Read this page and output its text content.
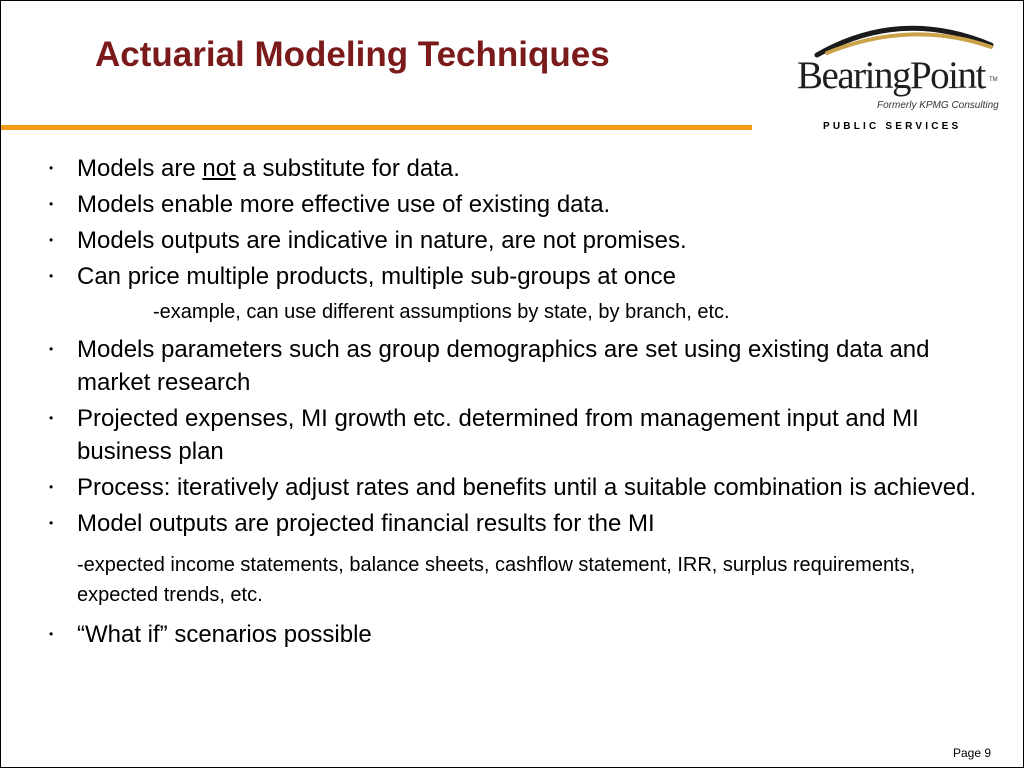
Actuarial Modeling Techniques	BearingPoint TM
Formerly KPMG Consulting
PUBLIC SERVICES
• Models are not a substitute for data.
• Models enable more effective use of existing data.
• Models outputs are indicative in nature, are not promises.
• Can price multiple products, multiple sub-groups at once
-example, can use different assumptions by state, by branch, etc.
• Models parameters such as group demographics are set using existing data and market research
• Projected expenses, MI growth etc. determined from management input and MI business plan
• Process: iteratively adjust rates and benefits until a suitable combination is achieved.
• Model outputs are projected financial results for the MI
-expected income statements, balance sheets, cashflow statement, IRR, surplus requirements, expected trends, etc.
• “What if” scenarios possible
Page 9
